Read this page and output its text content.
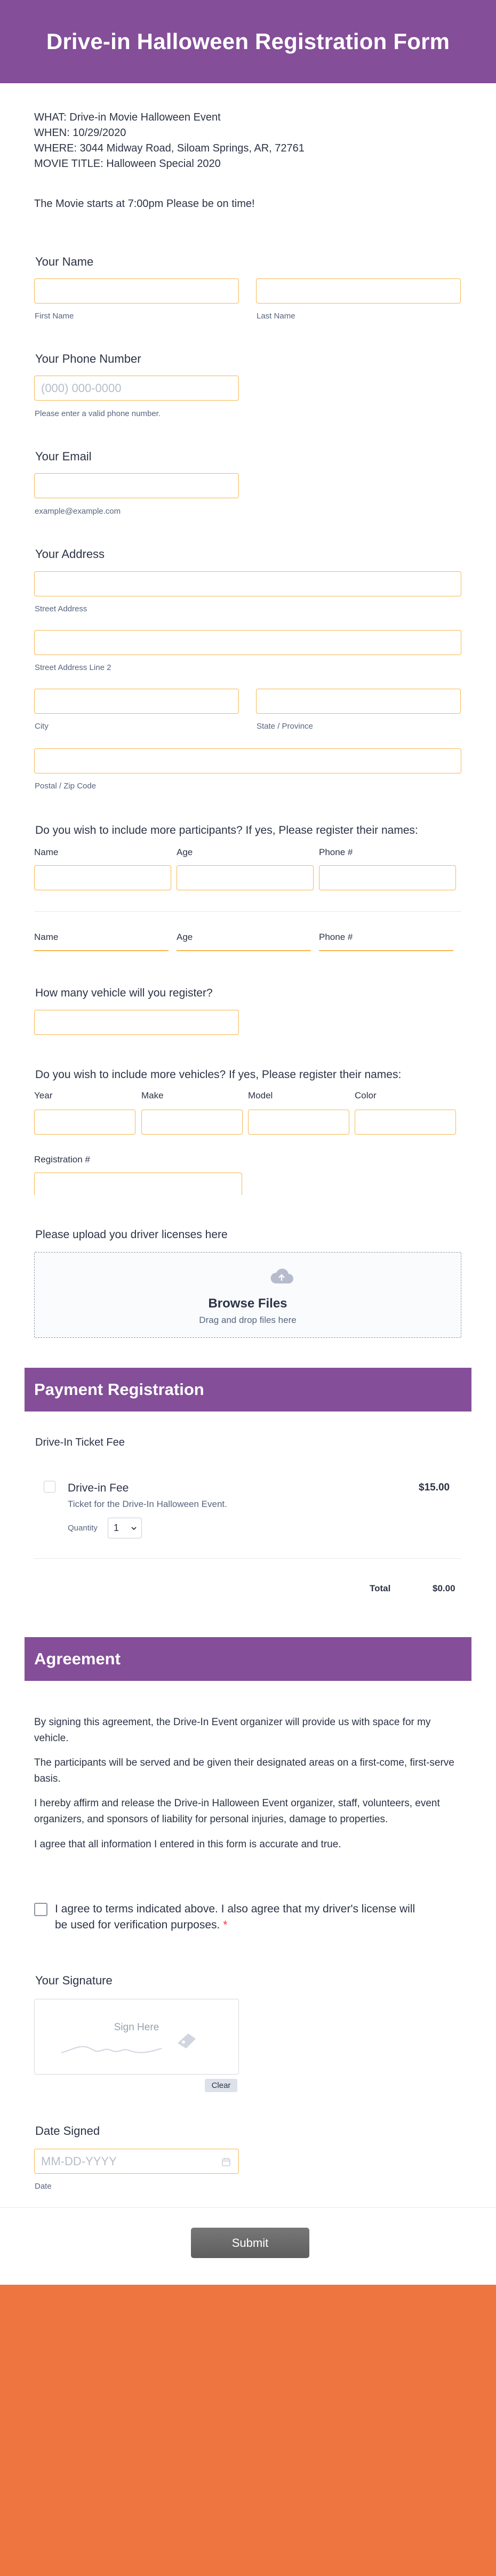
Drive-in Halloween Registration Form
WHAT: Drive-in Movie Halloween Event
WHEN: 10/29/2020
WHERE: 3044 Midway Road, Siloam Springs, AR, 72761
MOVIE TITLE: Halloween Special 2020
The Movie starts at 7:00pm Please be on time!
Your Name
First Name	Last Name
Your Phone Number
(000) 000-0000
Please enter a valid phone number.
Your Email
example@example.com
Your Address
Street Address
Street Address Line 2
City	State / Province
Postal / Zip Code
Do you wish to include more participants? If yes, Please register their names:
Name	Age	Phone #
Name	Age	Phone #
How many vehicle will you register?
Do you wish to include more vehicles? If yes, Please register their names:
Year	Make	Model	Color
Registration #
Please upload you driver licenses here
Browse Files
Drag and drop files here
Payment Registration
Drive-In Ticket Fee
Drive-in Fee
Ticket for the Drive-In Halloween Event.
$15.00
Quantity 1
Total	$0.00
Agreement
By signing this agreement, the Drive-In Event organizer will provide us with space for my vehicle.
The participants will be served and be given their designated areas on a first-come, first-serve basis.
I hereby affirm and release the Drive-in Halloween Event organizer, staff, volunteers, event organizers, and sponsors of liability for personal injuries, damage to properties.
I agree that all information I entered in this form is accurate and true.
I agree to terms indicated above. I also agree that my driver's license will be used for verification purposes. *
Your Signature
Sign Here
Clear
Date Signed
MM-DD-YYYY
Date
Submit
